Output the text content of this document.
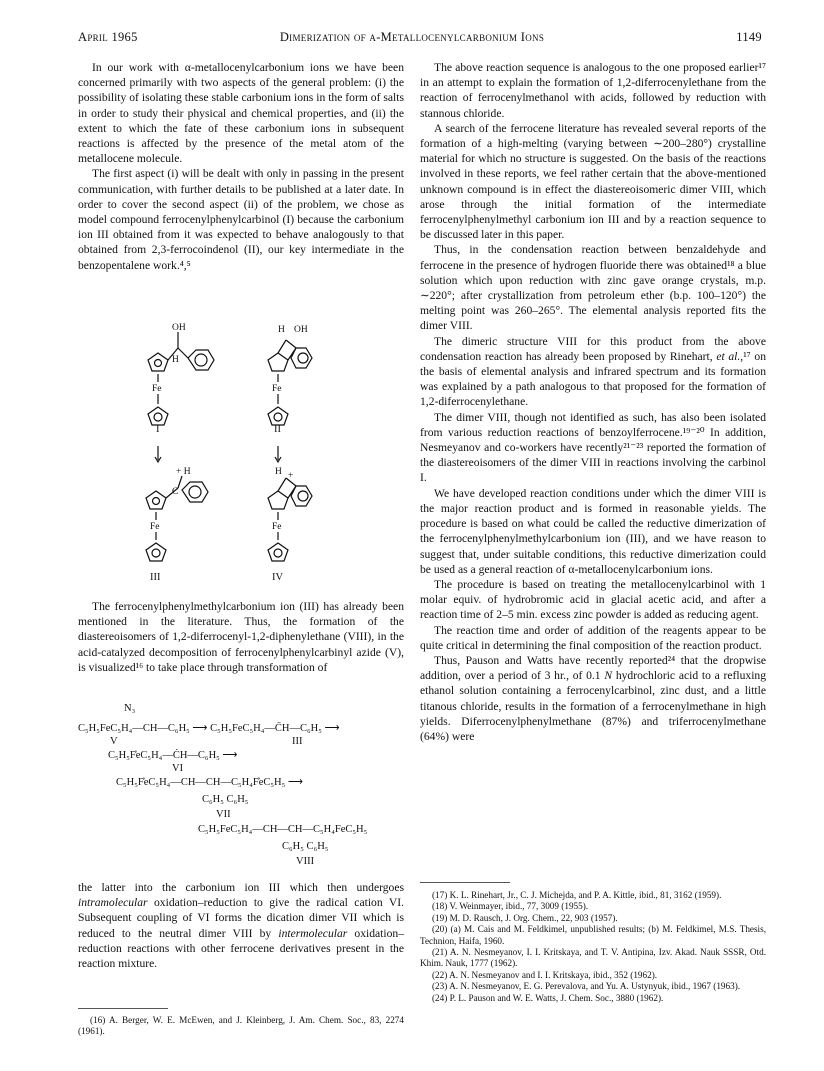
Dimerization of α-Metallocenylcarbonium Ions
April 1965	1149

In our work with α-metallocenylcarbonium ions we have been concerned primarily with two aspects of the general problem: (i) the possibility of isolating these stable carbonium ions in the form of salts in order to study their physical and chemical properties, and (ii) the extent to which the fate of these carbonium ions in subsequent reactions is affected by the presence of the metal atom of the metallocene molecule.

The first aspect (i) will be dealt with only in passing in the present communication, with further details to be published at a later date. In order to cover the second aspect (ii) of the problem, we chose as model compound ferrocenylphenylcarbinol (I) because the carbonium ion III obtained from it was expected to behave analogously to that obtained from 2,3-ferrocoindenol (II), our key intermediate in the benzopentalene work.⁴,⁵

OH
H
Fe
I
H OH
Fe
II
+ H
C
Fe
III
H +
Fe
IV

The ferrocenylphenylmethylcarbonium ion (III) has already been mentioned in the literature. Thus, the formation of the diastereoisomers of 1,2-diferrocenyl-1,2-diphenylethane (VIII), in the acid-catalyzed decomposition of ferrocenylphenylcarbinyl azide (V), is visualized¹⁶ to take place through transformation of

N₃
C₅H₅FeC₅H₄—CH—C₆H₅ ⟶ C₅H₅FeC₅H₄—C̄H—C₆H₅ ⟶
V	III
C₅H₅F̊eC₅H₄—ĊH—C₆H₅ ⟶
VI
C₅H₅F̊eC₅H₄—CH—CH—C₅H₄F̊eC₅H₅ ⟶
C₆H₅ C₆H₅
VII
C₅H₅FeC₅H₄—CH—CH—C₅H₄FeC₅H₅
C₆H₅ C₆H₅
VIII

the latter into the carbonium ion III which then undergoes intramolecular oxidation–reduction to give the radical cation VI. Subsequent coupling of VI forms the dication dimer VII which is reduced to the neutral dimer VIII by intermolecular oxidation–reduction reactions with other ferrocene derivatives present in the reaction mixture.

(16) A. Berger, W. E. McEwen, and J. Kleinberg, J. Am. Chem. Soc., 83, 2274 (1961).

The above reaction sequence is analogous to the one proposed earlier¹⁷ in an attempt to explain the formation of 1,2-diferrocenylethane from the reaction of ferrocenylmethanol with acids, followed by reduction with stannous chloride.

A search of the ferrocene literature has revealed several reports of the formation of a high-melting (varying between ∼200–280°) crystalline material for which no structure is suggested. On the basis of the reactions involved in these reports, we feel rather certain that the above-mentioned unknown compound is in effect the diastereoisomeric dimer VIII, which arose through the initial formation of the intermediate ferrocenylphenylmethyl carbonium ion III and by a reaction sequence to be discussed later in this paper.

Thus, in the condensation reaction between benzaldehyde and ferrocene in the presence of hydrogen fluoride there was obtained¹⁸ a blue solution which upon reduction with zinc gave orange crystals, m.p. ∼220°; after crystallization from petroleum ether (b.p. 100–120°) the melting point was 260–265°. The elemental analysis reported fits the dimer VIII.

The dimeric structure VIII for this product from the above condensation reaction has already been proposed by Rinehart, et al.,¹⁷ on the basis of elemental analysis and infrared spectrum and its formation was explained by a path analogous to that proposed for the formation of 1,2-diferrocenylethane.

The dimer VIII, though not identified as such, has also been isolated from various reduction reactions of benzoylferrocene.¹⁹⁻²⁰ In addition, Nesmeyanov and co-workers have recently²¹⁻²³ reported the formation of the diastereoisomers of the dimer VIII in reactions involving the carbinol I.

We have developed reaction conditions under which the dimer VIII is the major reaction product and is formed in reasonable yields. The procedure is based on what could be called the reductive dimerization of the ferrocenylphenylmethylcarbonium ion (III), and we have reason to suggest that, under suitable conditions, this reductive dimerization could be used as a general reaction of α-metallocenylcarbonium ions.

The procedure is based on treating the metallocenylcarbinol with 1 molar equiv. of hydrobromic acid in glacial acetic acid, and after a reaction time of 2–5 min. excess zinc powder is added as reducing agent.

The reaction time and order of addition of the reagents appear to be quite critical in determining the final composition of the reaction product.

Thus, Pauson and Watts have recently reported²⁴ that the dropwise addition, over a period of 3 hr., of 0.1 N hydrochloric acid to a refluxing ethanol solution containing a ferrocenylcarbinol, zinc dust, and a little titanous chloride, results in the formation of a ferrocenylmethane in high yields. Diferrocenylphenylmethane (87%) and triferrocenylmethane (64%) were

(17) K. L. Rinehart, Jr., C. J. Michejda, and P. A. Kittle, ibid., 81, 3162 (1959).

(18) V. Weinmayer, ibid., 77, 3009 (1955).

(19) M. D. Rausch, J. Org. Chem., 22, 903 (1957).

(20) (a) M. Cais and M. Feldkimel, unpublished results; (b) M. Feldkimel, M.S. Thesis, Technion, Haifa, 1960.

(21) A. N. Nesmeyanov, I. I. Kritskaya, and T. V. Antipina, Izv. Akad. Nauk SSSR, Otd. Khim. Nauk, 1777 (1962).

(22) A. N. Nesmeyanov and I. I. Kritskaya, ibid., 352 (1962).

(23) A. N. Nesmeyanov, E. G. Perevalova, and Yu. A. Ustynyuk, ibid., 1967 (1963).

(24) P. L. Pauson and W. E. Watts, J. Chem. Soc., 3880 (1962).
